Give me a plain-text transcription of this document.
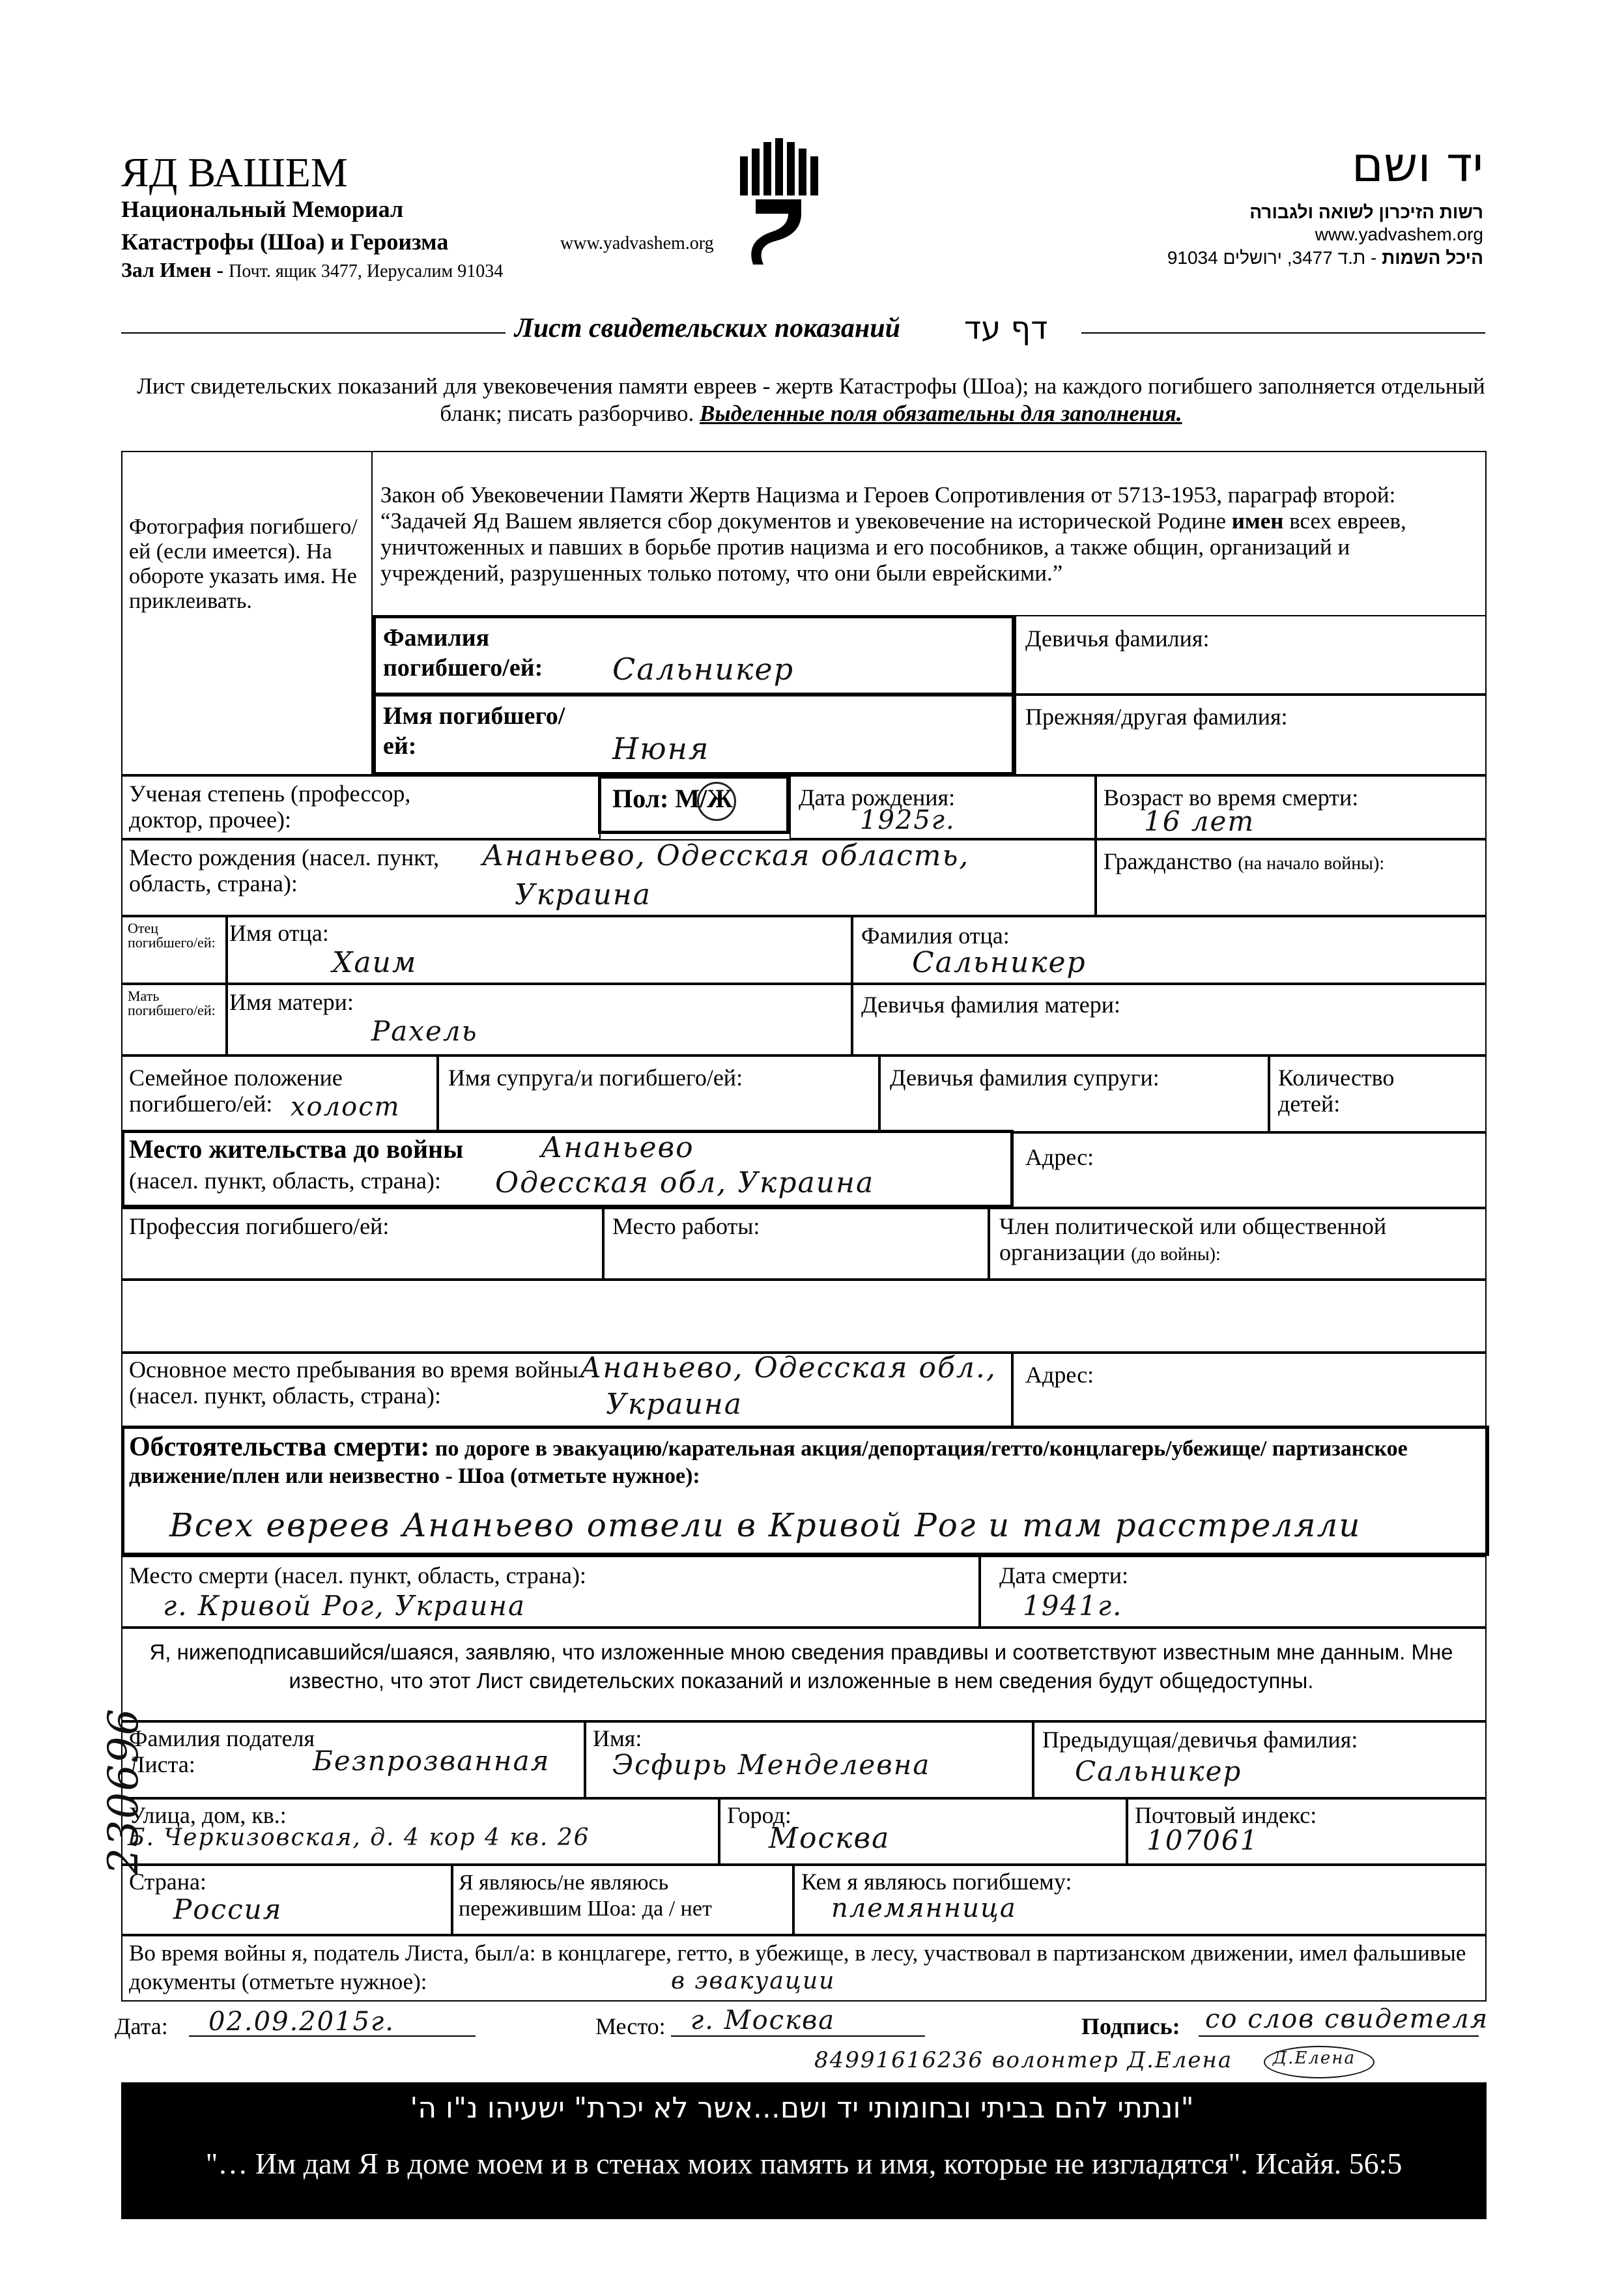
ЯД ВАШЕМ
Национальный Мемориал
Катастрофы (Шоа) и Героизма	www.yadvashem.org
Зал Имен - Почт. ящик 3477, Иерусалим 91034
יד ושם
רשות הזיכרון לשואה ולגבורה
www.yadvashem.org
היכל השמות - ת.ד 3477, ירושלים 91034
Лист свидетельских показаний דף עד
Лист свидетельских показаний для увековечения памяти евреев - жертв Катастрофы (Шоа); на каждого погибшего заполняется отдельный бланк; писать разборчиво. Выделенные поля обязательны для заполнения.
Фотография погибшего/ей (если имеется). На обороте указать имя. Не приклеивать.
Закон об Увековечении Памяти Жертв Нацизма и Героев Сопротивления от 5713-1953, параграф второй: “Задачей Яд Вашем является сбор документов и увековечение на исторической Родине имен всех евреев, уничтоженных и павших в борьбе против нацизма и его пособников, а также общин, организаций и учреждений, разрушенных только потому, что они были еврейскими.”
Фамилия погибшего/ей:	Сальникер
Девичья фамилия:
Имя погибшего/ей:	Нюня
Прежняя/другая фамилия:
Ученая степень (профессор, доктор, прочее):
Пол: М/Ж	Дата рождения:
1925г.
Возраст во время смерти:
16 лет
Место рождения (насел. пункт, область, страна):
Ананьево, Одесская область,
Украина
Гражданство (на начало войны):
Отец погибшего/ей: Имя отца:
Хаим
Фамилия отца:
Сальникер
Мать погибшего/ей: Имя матери:
Рахель
Девичья фамилия матери:
Семейное положение погибшего/ей: холост
Имя супруга/и погибшего/ей:	Девичья фамилия супруги:	Количество детей:
Место жительства до войны
(насел. пункт, область, страна):
Ананьево
Одесская обл, Украина
Адрес:
Профессия погибшего/ей:	Место работы:	Член политической или общественной организации (до войны):
Основное место пребывания во время войны (насел. пункт, область, страна):
Ананьево, Одесская обл.,
Украина
Адрес:
Обстоятельства смерти: по дороге в эвакуацию/карательная акция/депортация/гетто/концлагерь/убежище/ партизанское движение/плен или неизвестно - Шоа (отметьте нужное):
Всех евреев Ананьево отвели в Кривой Рог и там расстреляли
Место смерти (насел. пункт, область, страна):
г. Кривой Рог, Украина
Дата смерти:
1941г.
Я, нижеподписавшийся/шаяся, заявляю, что изложенные мною сведения правдивы и соответствуют известным мне данным. Мне известно, что этот Лист свидетельских показаний и изложенные в нем сведения будут общедоступны.
Фамилия подателя Листа:	Безпрозванная
Имя:
Эсфирь Менделевна
Предыдущая/девичья фамилия:
Сальникер
Улица, дом, кв.:
Б. Черкизовская, д. 4 кор 4 кв. 26
Город:
Москва
Почтовый индекс:
107061
Страна:
Россия
Я являюсь/не являюсь пережившим Шоа: да / нет
Кем я являюсь погибшему:
племянница
Во время войны я, податель Листа, был/а: в концлагере, гетто, в убежище, в лесу, участвовал в партизанском движении, имел фальшивые документы (отметьте нужное):	в эвакуации
230696
Дата: 02.09.2015г.	Место: г. Москва	Подпись: со слов свидетеля
84991616236 волонтер Д.Елена Д.Елена
"ונתתי להם בביתי ובחומותי יד ושם...אשר לא יכרת" ישעיהו נ"ו ה'
"… Им дам Я в доме моем и в стенах моих память и имя, которые не изгладятся". Исайя. 56:5
